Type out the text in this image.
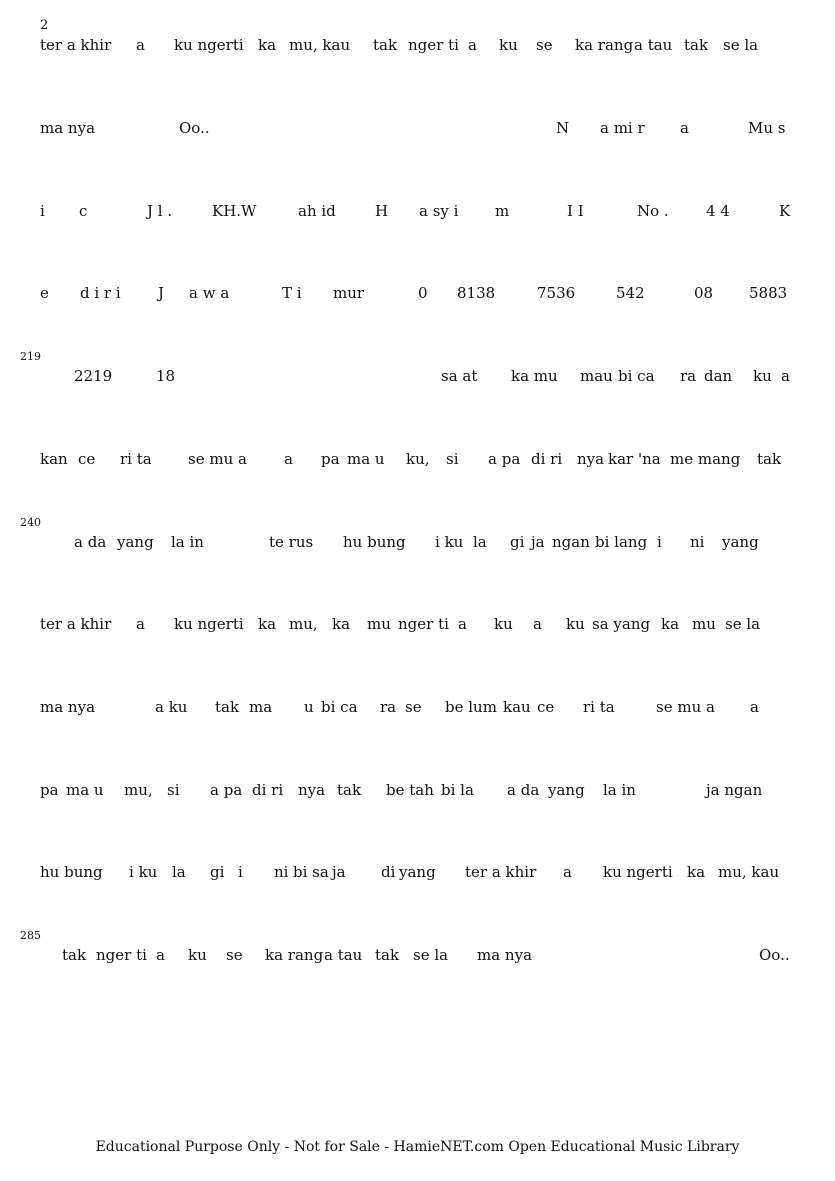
2
219
240
285
ter a khir a ku ngerti ka mu, kau tak nger ti a ku se ka rang a tau tak se la
ma nya	Oo..	N a mi r a	Mu s
i c	J l .	KH.W	ah id	H a sy i m	I I	No . 4 4	K
e d i r i J a w a	T i mur	0 8138	7536	542	08 5883
2219	18	sa at ka mu mau bi ca ra dan ku a
kan ce ri ta se mu a a pa ma u ku, si a pa di ri nya kar 'na me mang tak
a da yang la in	te rus hu bung i ku la gi ja ngan bi lang i ni yang
ter a khir a ku ngerti ka mu, ka mu nger ti a ku a ku sa yang ka mu se la
ma nya	a ku tak ma u bi ca ra se be lum kau ce ri ta	se mu a a
pa ma u mu, si a pa di ri nya tak be tah bi la a da yang la in	ja ngan
hu bung i ku la gi i ni bi sa ja di yang ter a khir a ku ngerti ka mu, kau
tak nger ti a ku se ka rang a tau tak se la ma nya	Oo..
Educational Purpose Only - Not for Sale - HamieNET.com Open Educational Music Library
